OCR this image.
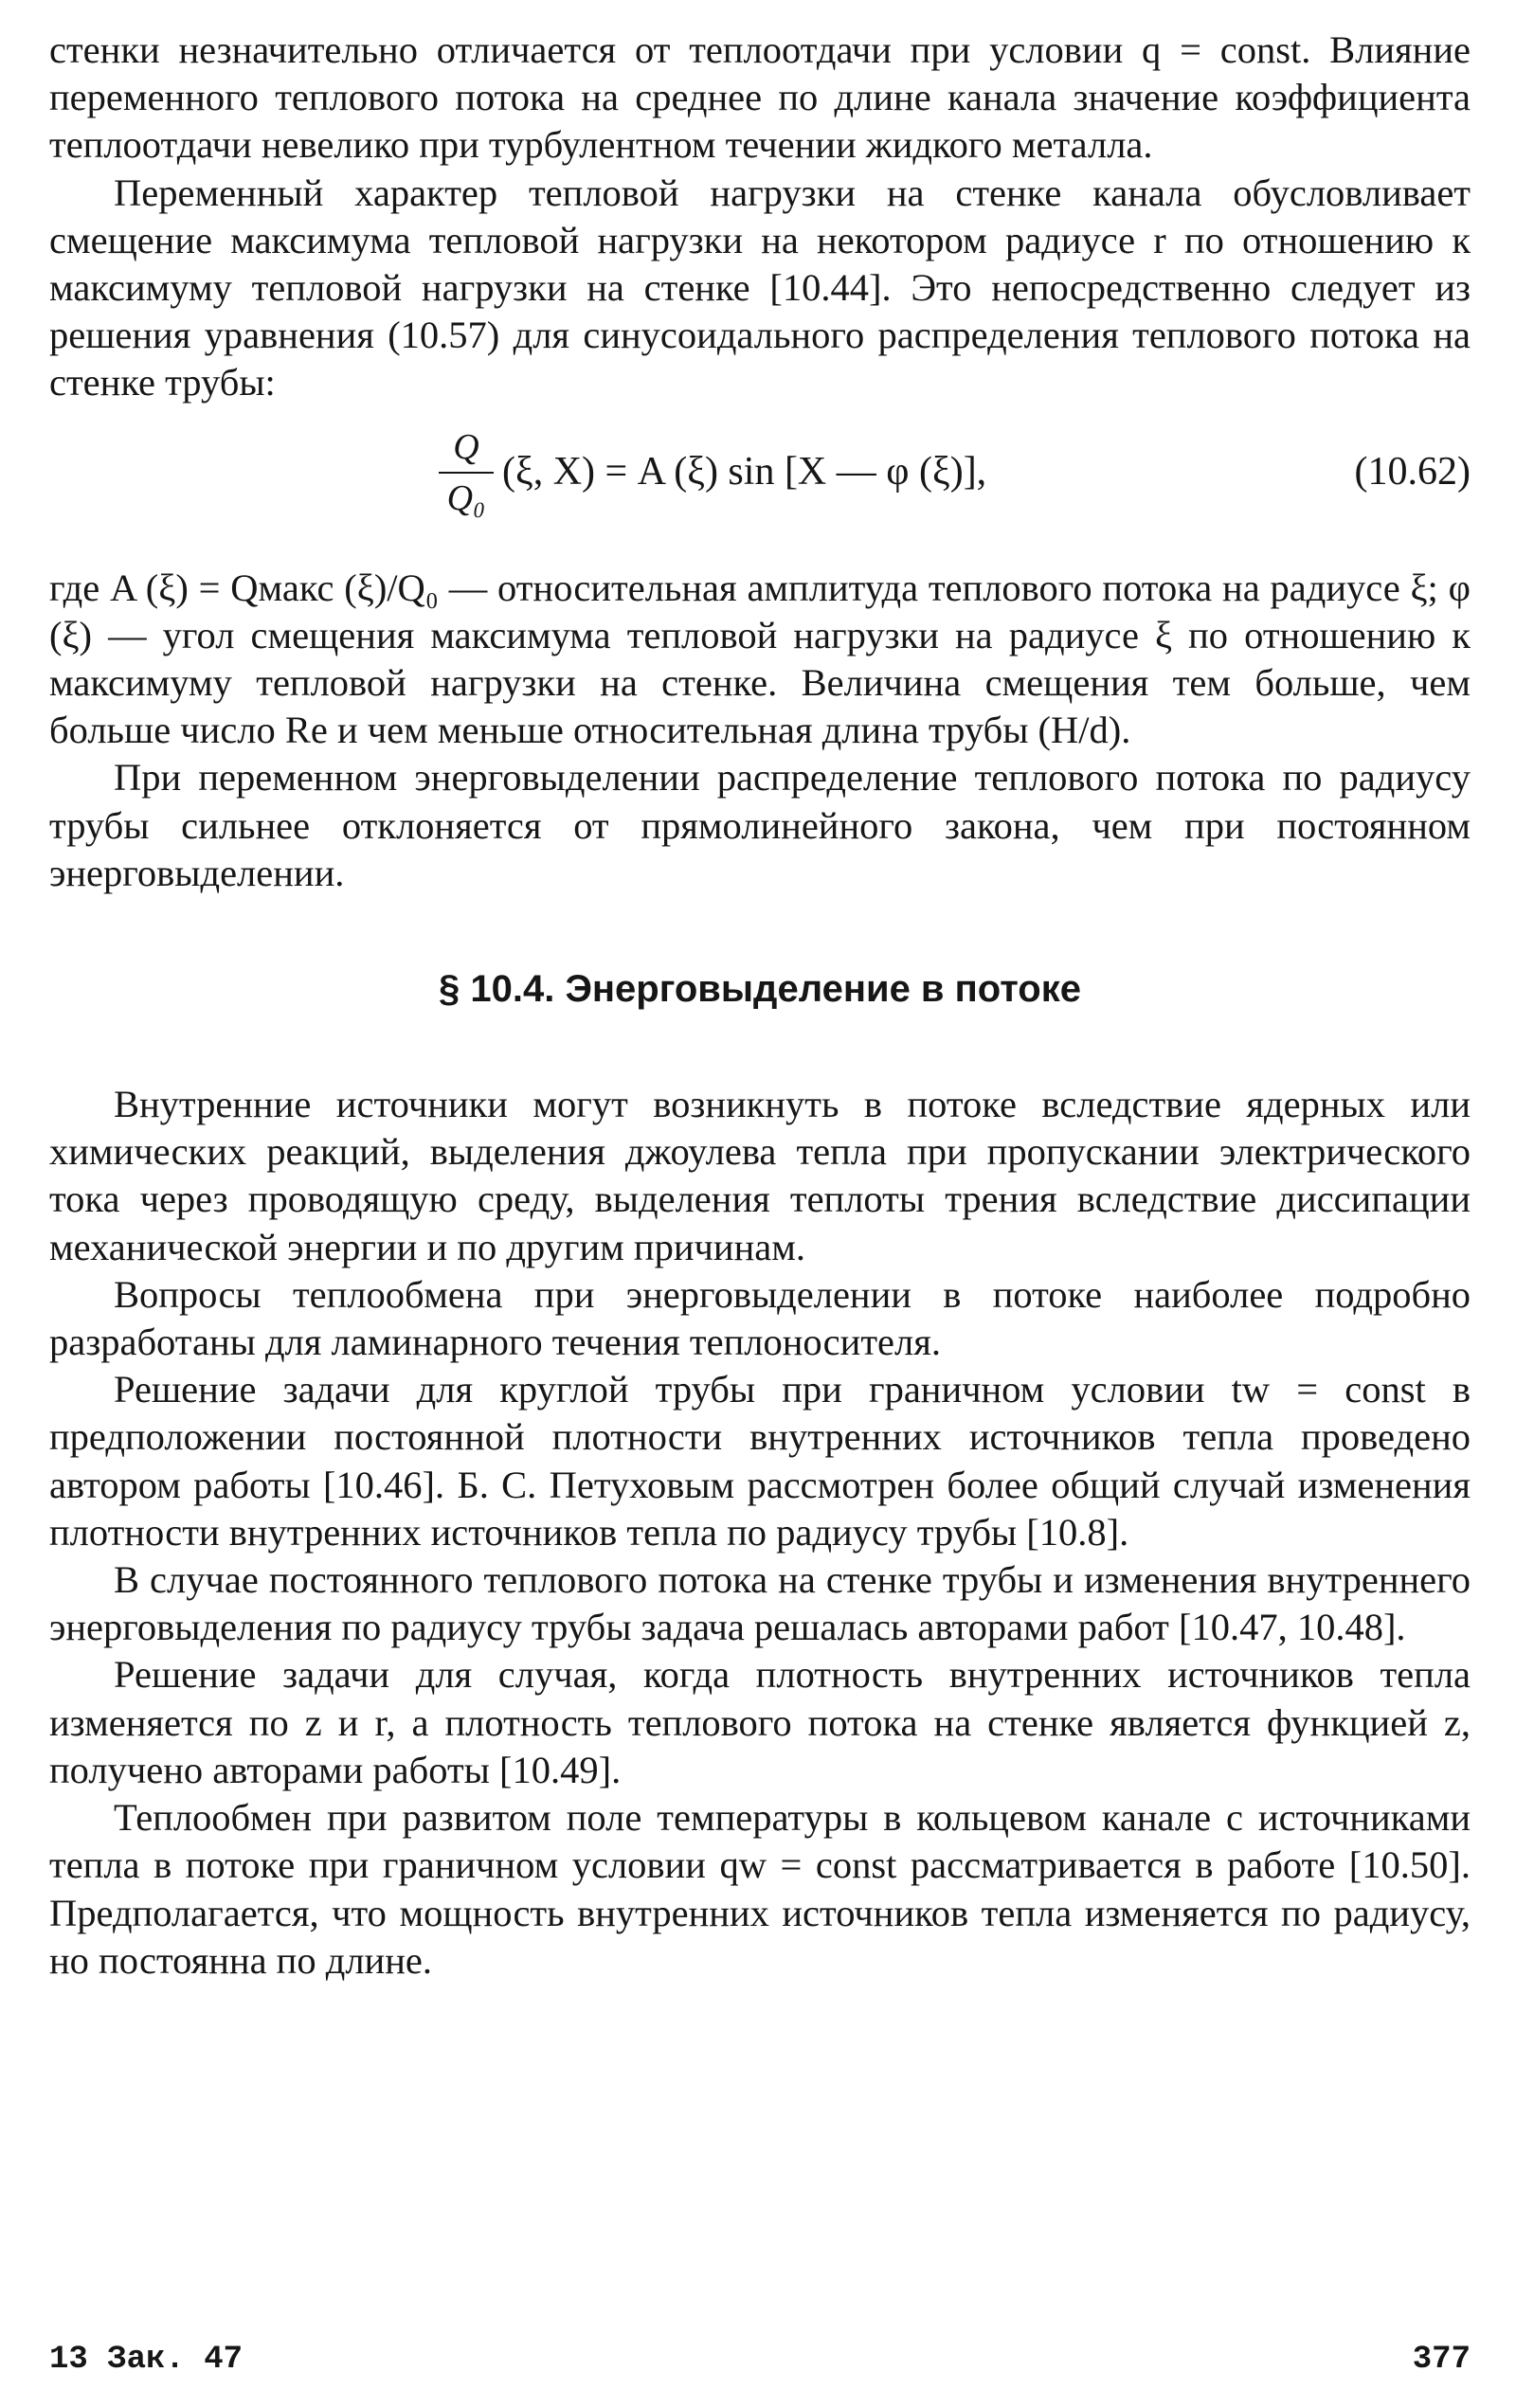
стенки незначительно отличается от теплоотдачи при условии q = const. Влияние переменного теплового потока на среднее по длине канала значение коэффициента теплоотдачи невелико при турбулентном течении жидкого металла.

Переменный характер тепловой нагрузки на стенке канала обусловливает смещение максимума тепловой нагрузки на некотором радиусе r по отношению к максимуму тепловой нагрузки на стенке [10.44]. Это непосредственно следует из решения уравнения (10.57) для синусоидального распределения теплового потока на стенке трубы:

Q
Q₀
(ξ, X) = A (ξ) sin [X — φ (ξ)],	(10.62)

где A (ξ) = Qмакс (ξ)/Q₀ — относительная амплитуда теплового потока на радиусе ξ; φ (ξ) — угол смещения максимума тепловой нагрузки на радиусе ξ по отношению к максимуму тепловой нагрузки на стенке. Величина смещения тем больше, чем больше число Re и чем меньше относительная длина трубы (H/d).

При переменном энерговыделении распределение теплового потока по радиусу трубы сильнее отклоняется от прямолинейного закона, чем при постоянном энерговыделении.

§ 10.4. Энерговыделение в потоке

Внутренние источники могут возникнуть в потоке вследствие ядерных или химических реакций, выделения джоулева тепла при пропускании электрического тока через проводящую среду, выделения теплоты трения вследствие диссипации механической энергии и по другим причинам.

Вопросы теплообмена при энерговыделении в потоке наиболее подробно разработаны для ламинарного течения теплоносителя.

Решение задачи для круглой трубы при граничном условии tw = const в предположении постоянной плотности внутренних источников тепла проведено автором работы [10.46]. Б. С. Петуховым рассмотрен более общий случай изменения плотности внутренних источников тепла по радиусу трубы [10.8].

В случае постоянного теплового потока на стенке трубы и изменения внутреннего энерговыделения по радиусу трубы задача решалась авторами работ [10.47, 10.48].

Решение задачи для случая, когда плотность внутренних источников тепла изменяется по z и r, а плотность теплового потока на стенке является функцией z, получено авторами работы [10.49].

Теплообмен при развитом поле температуры в кольцевом канале с источниками тепла в потоке при граничном условии qw = const рассматривается в работе [10.50]. Предполагается, что мощность внутренних источников тепла изменяется по радиусу, но постоянна по длине.

13 Зак. 47	377
